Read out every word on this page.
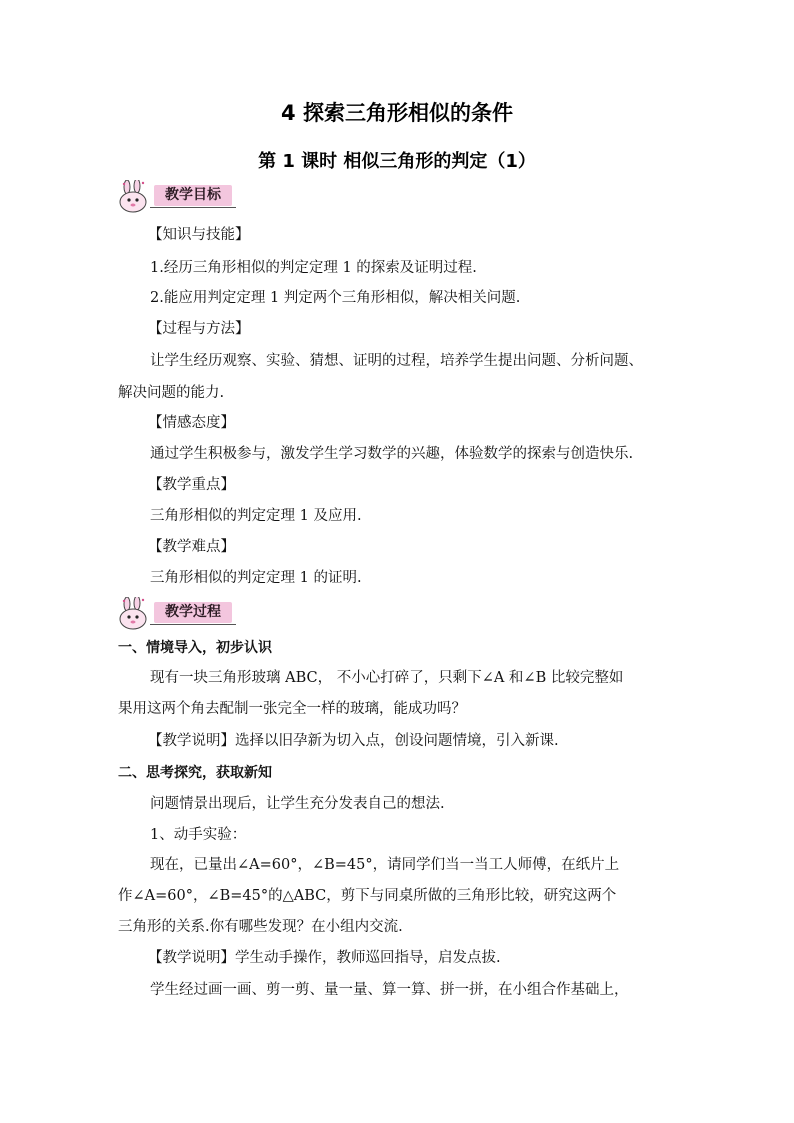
4 探索三角形相似的条件
第 1 课时 相似三角形的判定（1）
教学目标
【知识与技能】
1.经历三角形相似的判定定理 1 的探索及证明过程.
2.能应用判定定理 1 判定两个三角形相似，解决相关问题.
【过程与方法】
让学生经历观察、实验、猜想、证明的过程，培养学生提出问题、分析问题、
解决问题的能力.
【情感态度】
通过学生积极参与，激发学生学习数学的兴趣，体验数学的探索与创造快乐.
【教学重点】
三角形相似的判定定理 1 及应用.
【教学难点】
三角形相似的判定定理 1 的证明.
教学过程
一、情境导入，初步认识
现有一块三角形玻璃 ABC， 不小心打碎了，只剩下∠A 和∠B 比较完整如
果用这两个角去配制一张完全一样的玻璃，能成功吗？
【教学说明】选择以旧孕新为切入点，创设问题情境，引入新课.
二、思考探究，获取新知
问题情景出现后，让学生充分发表自己的想法.
1、动手实验：
现在，已量出∠A=60°，∠B=45°，请同学们当一当工人师傅，在纸片上
作∠A=60°，∠B=45°的△ABC，剪下与同桌所做的三角形比较，研究这两个
三角形的关系.你有哪些发现？在小组内交流.
【教学说明】学生动手操作，教师巡回指导，启发点拔.
学生经过画一画、剪一剪、量一量、算一算、拼一拼，在小组合作基础上，
